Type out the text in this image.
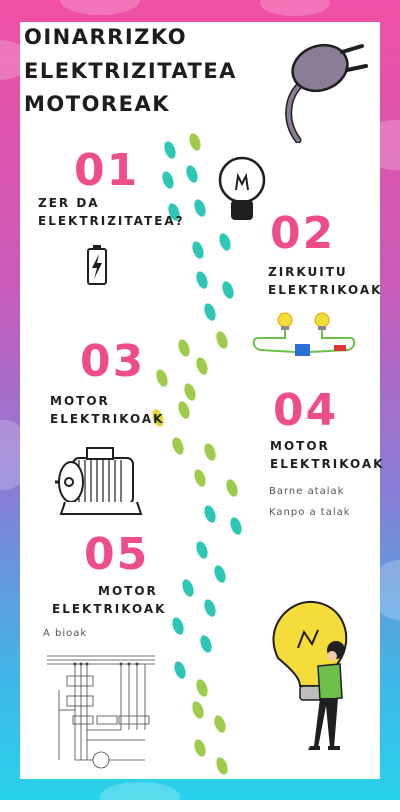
OINARRIZKO
ELEKTRIZITATEA
MOTOREAK
01
ZER DA
ELEKTRIZITATEA? 02
ZIRKUITU
ELEKTRIKOAK
03
MOTOR
ELEKTRIKOAK 04
MOTOR
ELEKTRIKOAK
Barne atalak
Kanpo a talak
05
MOTOR
ELEKTRIKOAK
A bioak
